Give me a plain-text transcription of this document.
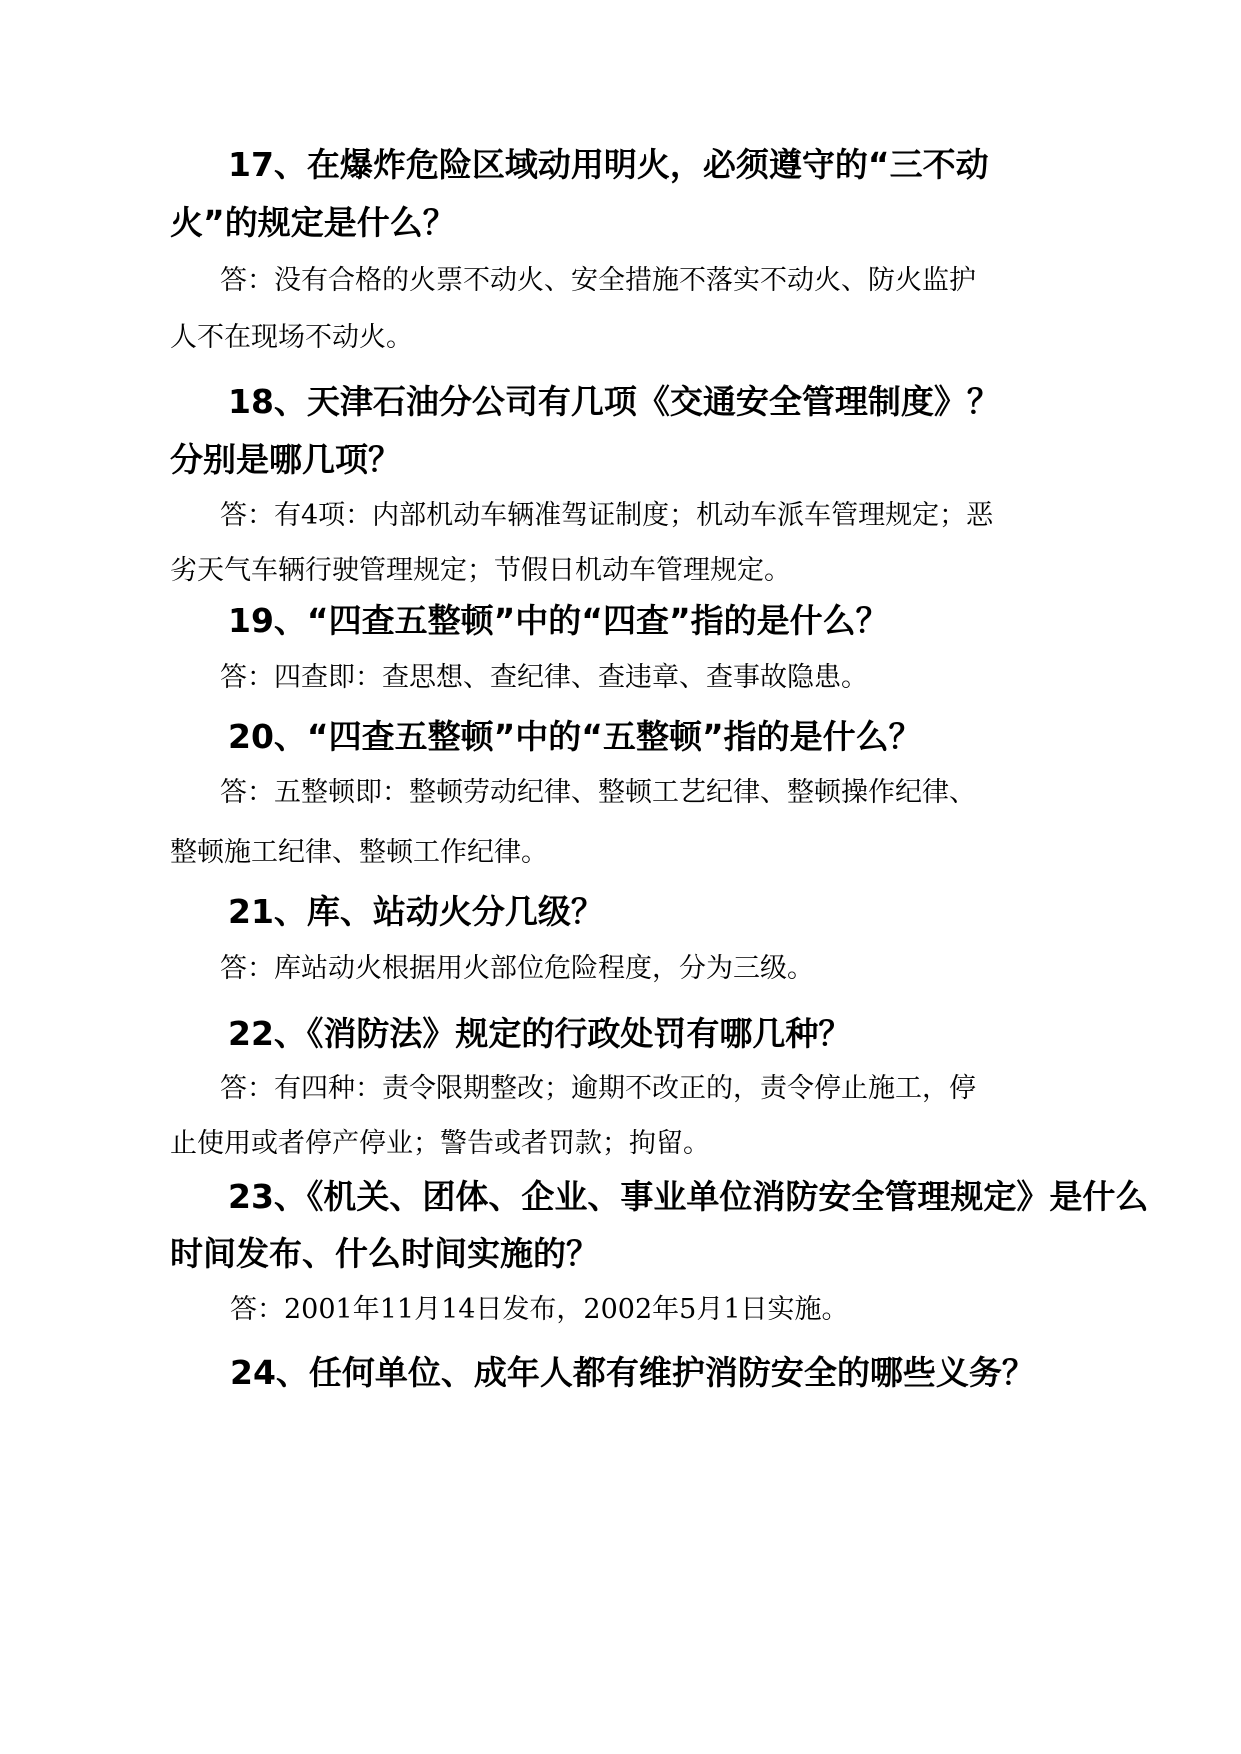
17、在爆炸危险区域动用明火，必须遵守的“三不动
火”的规定是什么？
答：没有合格的火票不动火、安全措施不落实不动火、防火监护
人不在现场不动火。
18、天津石油分公司有几项《交通安全管理制度》？
分别是哪几项？
答：有4项：内部机动车辆准驾证制度；机动车派车管理规定；恶
劣天气车辆行驶管理规定；节假日机动车管理规定。
19、“四查五整顿”中的“四查”指的是什么？
答：四查即：查思想、查纪律、查违章、查事故隐患。
20、“四查五整顿”中的“五整顿”指的是什么？
答：五整顿即：整顿劳动纪律、整顿工艺纪律、整顿操作纪律、
整顿施工纪律、整顿工作纪律。
21、库、站动火分几级？
答：库站动火根据用火部位危险程度，分为三级。
22、《消防法》规定的行政处罚有哪几种？
答：有四种：责令限期整改；逾期不改正的，责令停止施工，停
止使用或者停产停业；警告或者罚款；拘留。
23、《机关、团体、企业、事业单位消防安全管理规定》是什么
时间发布、什么时间实施的？
答：2001年11月14日发布，2002年5月1日实施。
24、任何单位、成年人都有维护消防安全的哪些义务？
